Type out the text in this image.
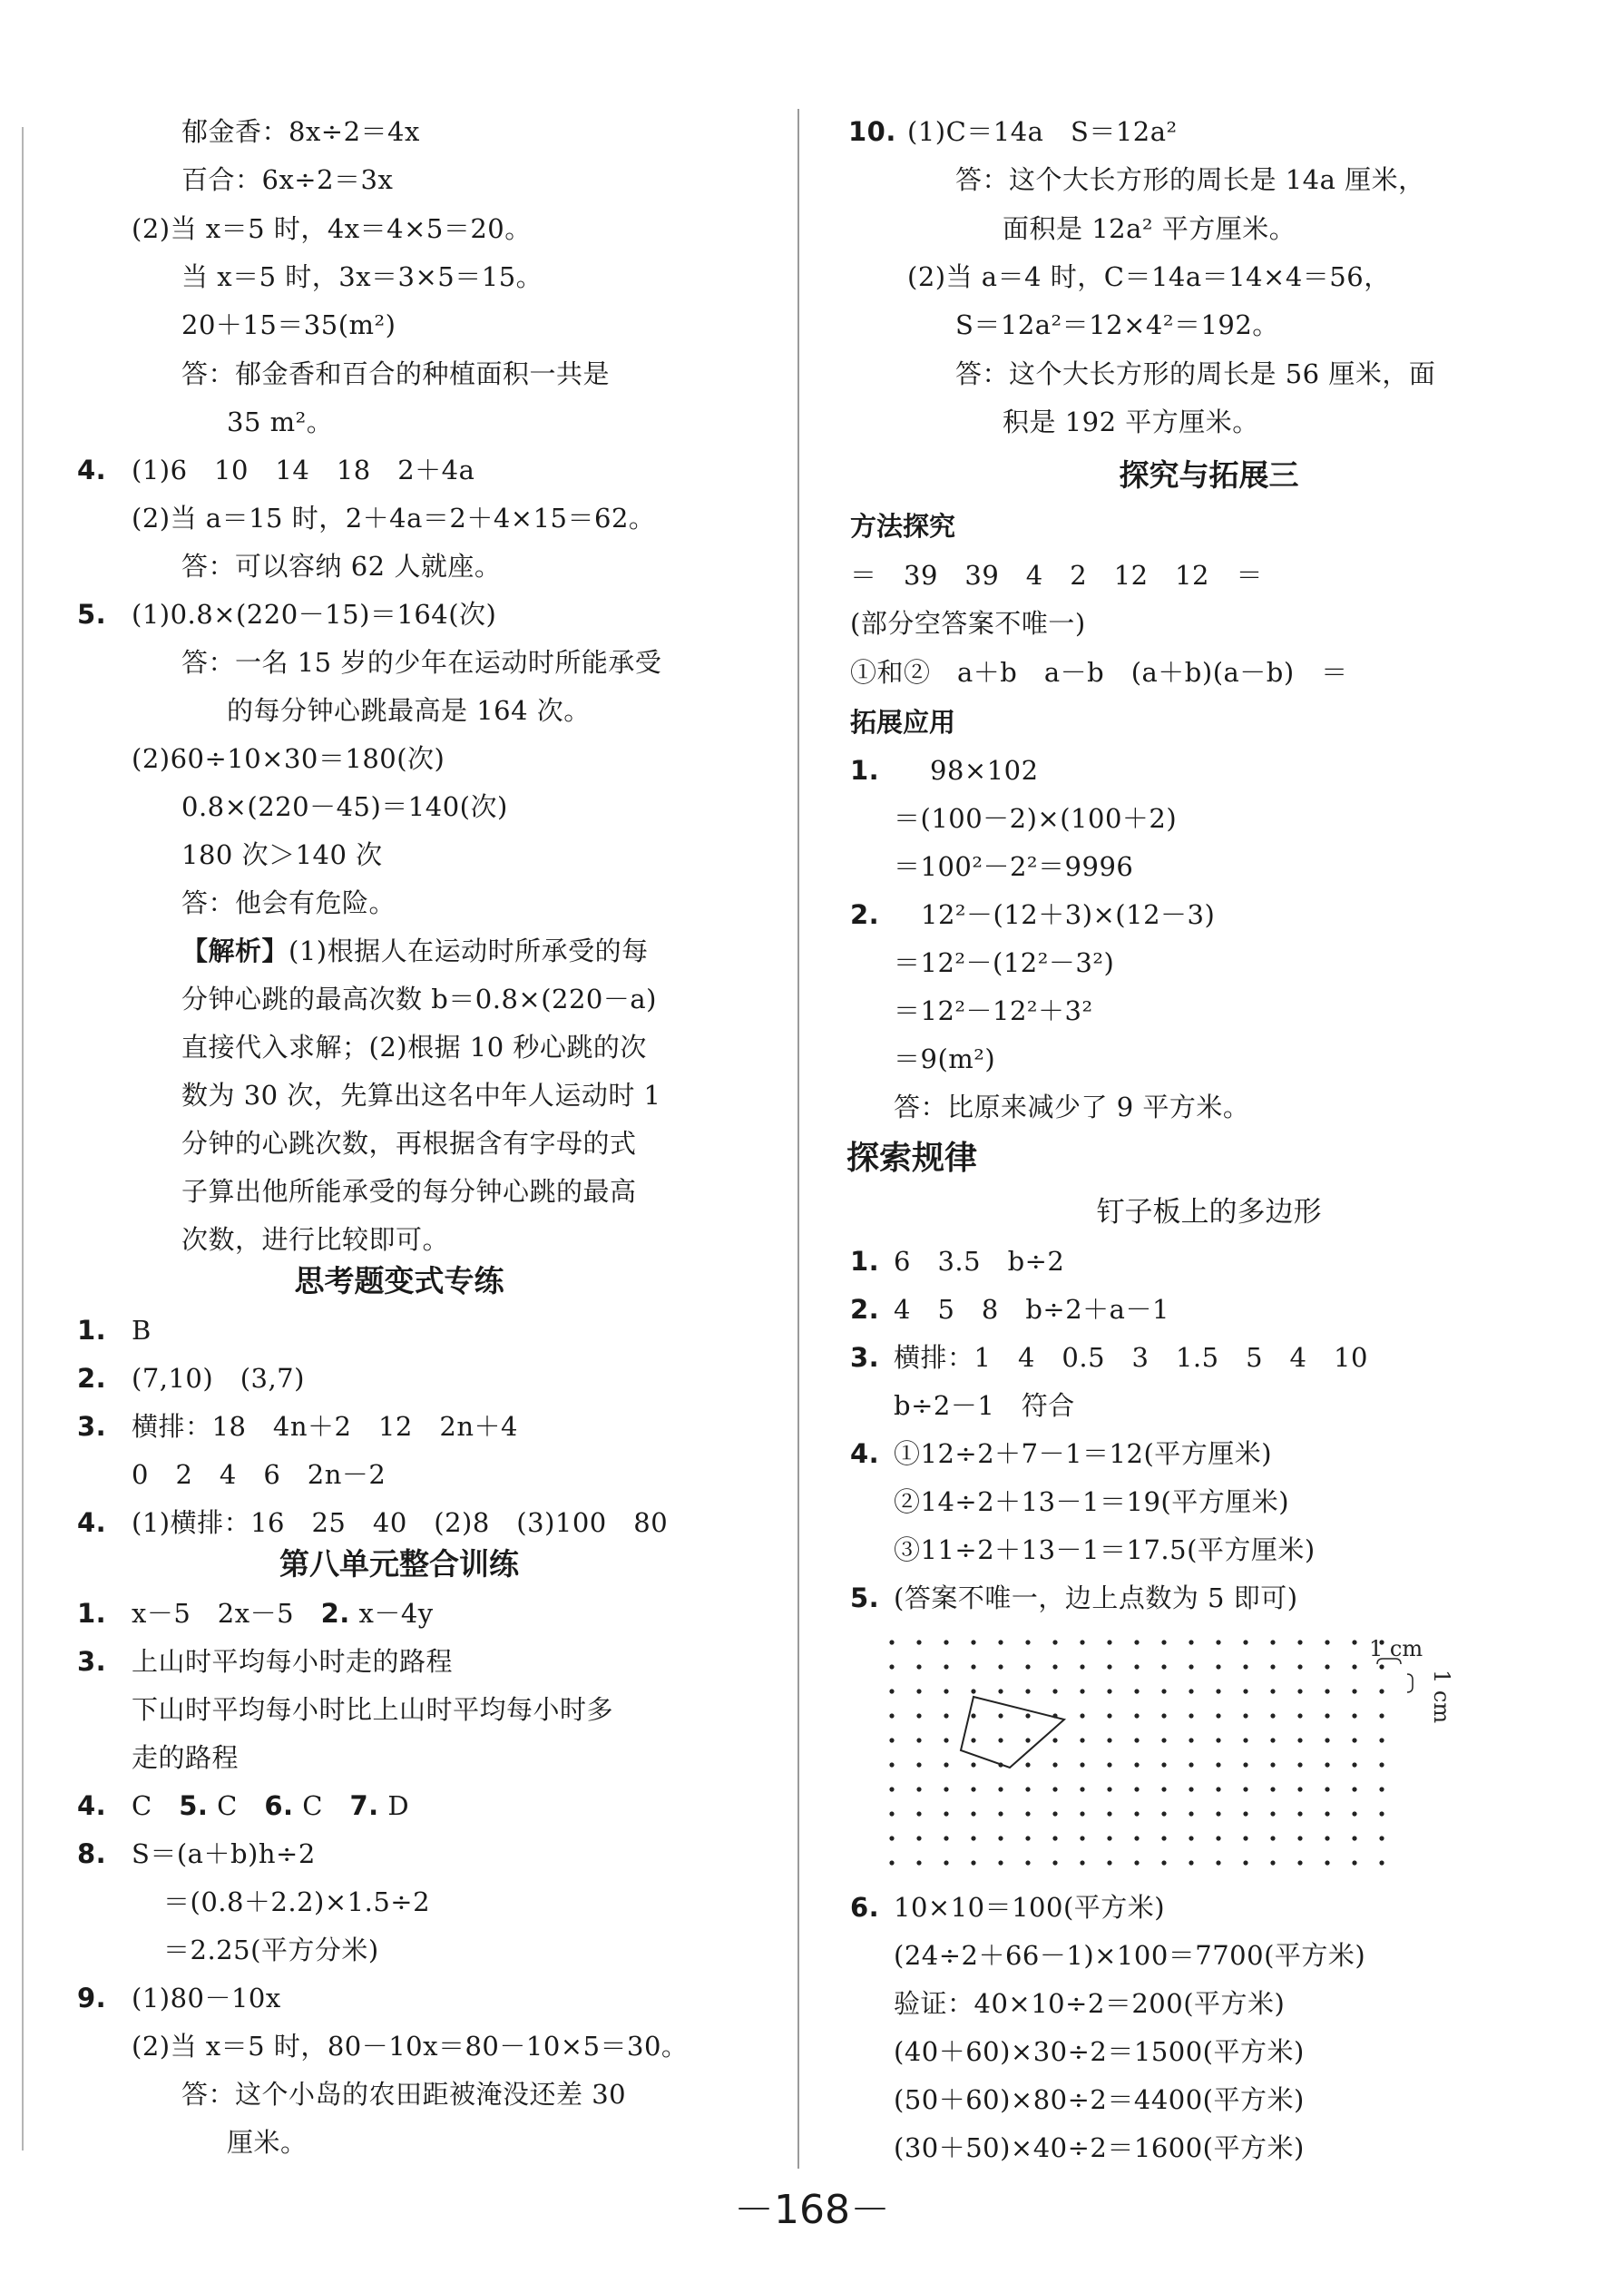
郁金香：8x÷2＝4x
百合：6x÷2＝3x
(2)当 x＝5 时，4x＝4×5＝20。
当 x＝5 时，3x＝3×5＝15。
20＋15＝35(m²)
答：郁金香和百合的种植面积一共是
35 m²。
4. (1)6　10　14　18　2＋4a
(2)当 a＝15 时，2＋4a＝2＋4×15＝62。
答：可以容纳 62 人就座。
5. (1)0.8×(220－15)＝164(次)
答：一名 15 岁的少年在运动时所能承受
的每分钟心跳最高是 164 次。
(2)60÷10×30＝180(次)
0.8×(220－45)＝140(次)
180 次＞140 次
答：他会有危险。
【解析】(1)根据人在运动时所承受的每
分钟心跳的最高次数 b＝0.8×(220－a)
直接代入求解；(2)根据 10 秒心跳的次
数为 30 次，先算出这名中年人运动时 1
分钟的心跳次数，再根据含有字母的式
子算出他所能承受的每分钟心跳的最高
次数，进行比较即可。
思考题变式专练
1. B
2. (7,10)　(3,7)
3. 横排：18　4n＋2　12　2n＋4
0　2　4　6　2n－2
4. (1)横排：16　25　40　(2)8　(3)100　80
第八单元整合训练
1. x－5　2x－5　 2. x－4y
3. 上山时平均每小时走的路程
下山时平均每小时比上山时平均每小时多
走的路程
4. C　 5. C　 6. C　 7. D
8. S＝(a＋b)h÷2
＝(0.8＋2.2)×1.5÷2
＝2.25(平方分米)
9. (1)80－10x
(2)当 x＝5 时，80－10x＝80－10×5＝30。
答：这个小岛的农田距被淹没还差 30
厘米。
10. (1)C＝14a　S＝12a²
答：这个大长方形的周长是 14a 厘米，
面积是 12a² 平方厘米。
(2)当 a＝4 时，C＝14a＝14×4＝56，
S＝12a²＝12×4²＝192。
答：这个大长方形的周长是 56 厘米，面
积是 192 平方厘米。
探究与拓展三
方法探究
＝　39　39　4　2　12　12　＝
(部分空答案不唯一)
①和②　a＋b　a－b　(a＋b)(a－b)　＝
拓展应用
1.	98×102
＝(100－2)×(100＋2)
＝100²－2²＝9996
2.	12²－(12＋3)×(12－3)
＝12²－(12²－3²)
＝12²－12²＋3²
＝9(m²)
答：比原来减少了 9 平方米。
探索规律
钉子板上的多边形
1. 6　3.5　b÷2
2. 4　5　8　b÷2＋a－1
3. 横排：1　4　0.5　3　1.5　5　4　10
b÷2－1　符合
4. ①12÷2＋7－1＝12(平方厘米)
②14÷2＋13－1＝19(平方厘米)
③11÷2＋13－1＝17.5(平方厘米)
5. (答案不唯一，边上点数为 5 即可)
6. 10×10＝100(平方米)
(24÷2＋66－1)×100＝7700(平方米)
验证：40×10÷2＝200(平方米)
(40＋60)×30÷2＝1500(平方米)
(50＋60)×80÷2＝4400(平方米)
(30＋50)×40÷2＝1600(平方米)
1 cm
1 cm
－168－
